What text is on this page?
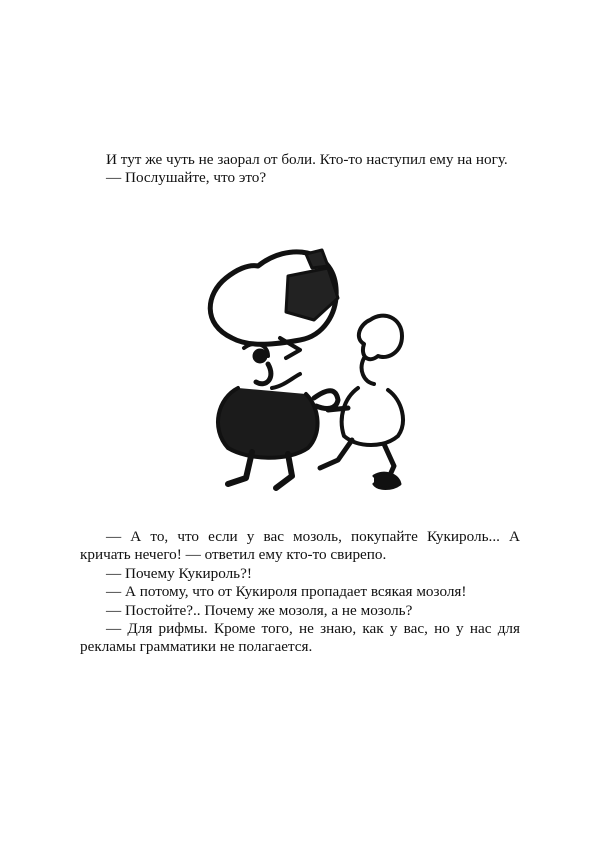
И тут же чуть не заорал от боли. Кто-то наступил ему на ногу.

— Послушайте, что это?

— А то, что если у вас мозоль, покупайте Кукироль... А кричать нечего! — ответил ему кто-то свирепо.

— Почему Кукироль?!

— А потому, что от Кукироля пропадает всякая мозоля!

— Постойте?.. Почему же мозоля, а не мозоль?

— Для рифмы. Кроме того, не знаю, как у вас, но у нас для рекламы грамматики не полагается.
